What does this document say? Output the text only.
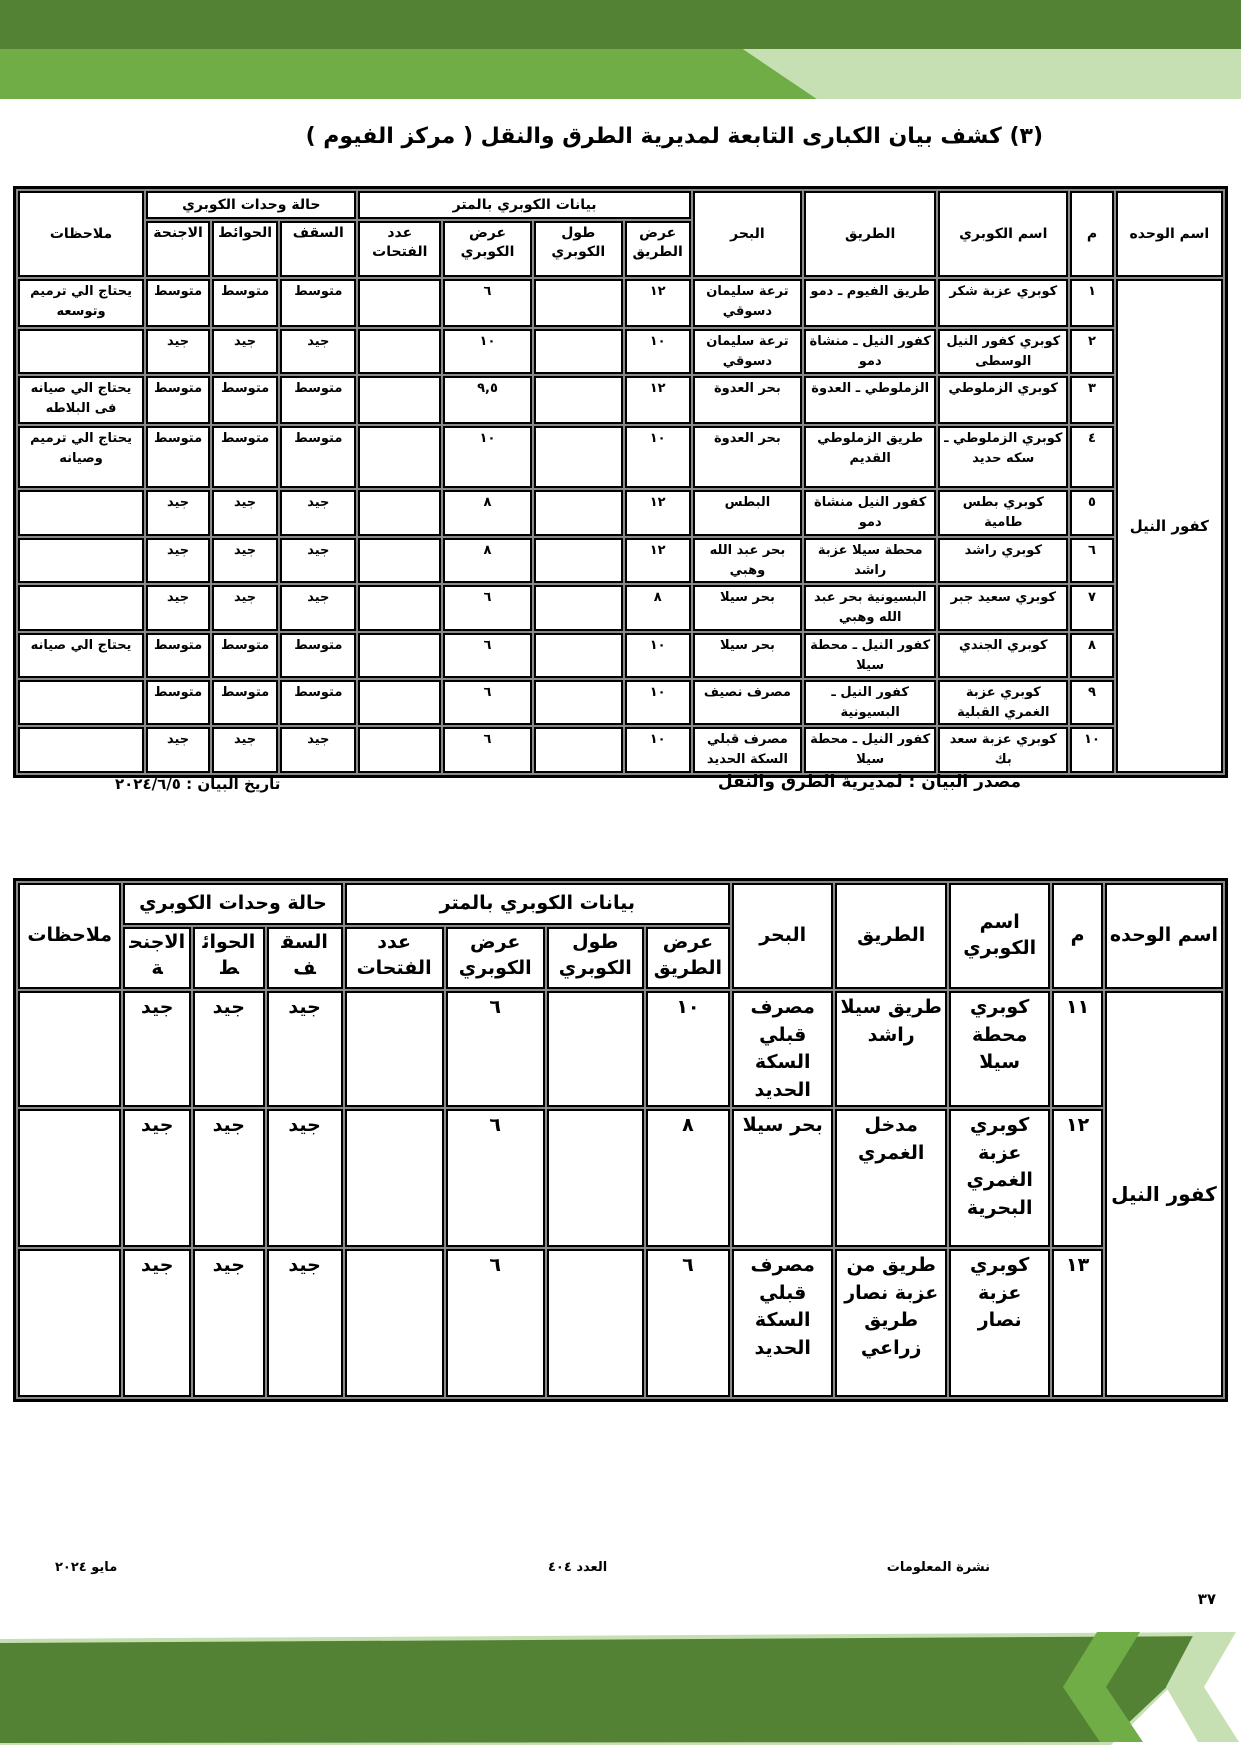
(٣) كشف بيان الكبارى التابعة لمديرية الطرق والنقل ( مركز الفيوم )
اسم الوحده	م	اسم الكوبري	الطريق	البحر	بيانات الكوبري بالمتر				حالة وحدات الكوبري			ملاحظات
					عرض الطريق	طول الكوبري	عرض الكوبري	عدد الفتحات	السقف	الحوائط	الاجنحة	
كفور النيل	١	كوبري عزبة شكر	طريق الفيوم ـ دمو	ترعة سليمان دسوقي	١٢		٦		متوسط	متوسط	متوسط	يحتاج الي ترميم وتوسعه
	٢	كوبري كفور النيل الوسطى	كفور النيل ـ منشاة دمو	ترعة سليمان دسوقي	١٠		١٠		جيد	جيد	جيد	
	٣	كوبري الزملوطي	الزملوطي ـ العدوة	بحر العدوة	١٢		٩,٥		متوسط	متوسط	متوسط	يحتاج الي صيانه فى البلاطه
	٤	كوبري الزملوطي ـ سكه حديد	طريق الزملوطي القديم	بحر العدوة	١٠		١٠		متوسط	متوسط	متوسط	يحتاج الي ترميم وصيانه
	٥	كوبري بطس طامية	كفور النيل منشاة دمو	البطس	١٢		٨		جيد	جيد	جيد	
	٦	كوبري راشد	محطة سيلا عزبة راشد	بحر عبد الله وهبي	١٢		٨		جيد	جيد	جيد	
	٧	كوبري سعيد جبر	البسيونية بحر عبد الله وهبي	بحر سيلا	٨		٦		جيد	جيد	جيد	
	٨	كوبري الجندي	كفور النيل ـ محطة سيلا	بحر سيلا	١٠		٦		متوسط	متوسط	متوسط	يحتاج الي صيانه
	٩	كوبري عزبة الغمري القبلية	كفور النيل ـ البسيونية	مصرف نصيف	١٠		٦		متوسط	متوسط	متوسط	
	١٠	كوبري عزبة سعد بك	كفور النيل ـ محطة سيلا	مصرف قبلي السكة الحديد	١٠		٦		جيد	جيد	جيد	
مصدر البيان : لمديرية الطرق والنقل
تاريخ البيان : ٢٠٢٤/٦/٥
اسم الوحده	م	اسم الكوبري	الطريق	البحر	بيانات الكوبري بالمتر				حالة وحدات الكوبري			ملاحظات
					عرض الطريق	طول الكوبري	عرض الكوبري	عدد الفتحات	السقف	الحوائط	الاجنحة	
كفور النيل	١١	كوبري محطة سيلا	طريق سيلا راشد	مصرف قبلي السكة الحديد	١٠		٦		جيد	جيد	جيد	
	١٢	كوبري عزبة الغمري البحرية	مدخل الغمري	بحر سيلا	٨		٦		جيد	جيد	جيد	
	١٣	كوبري عزبة نصار	طريق من عزبة نصار طريق زراعي	مصرف قبلي السكة الحديد	٦		٦		جيد	جيد	جيد	
نشرة المعلومات
العدد ٤٠٤
مايو ٢٠٢٤
٣٧
